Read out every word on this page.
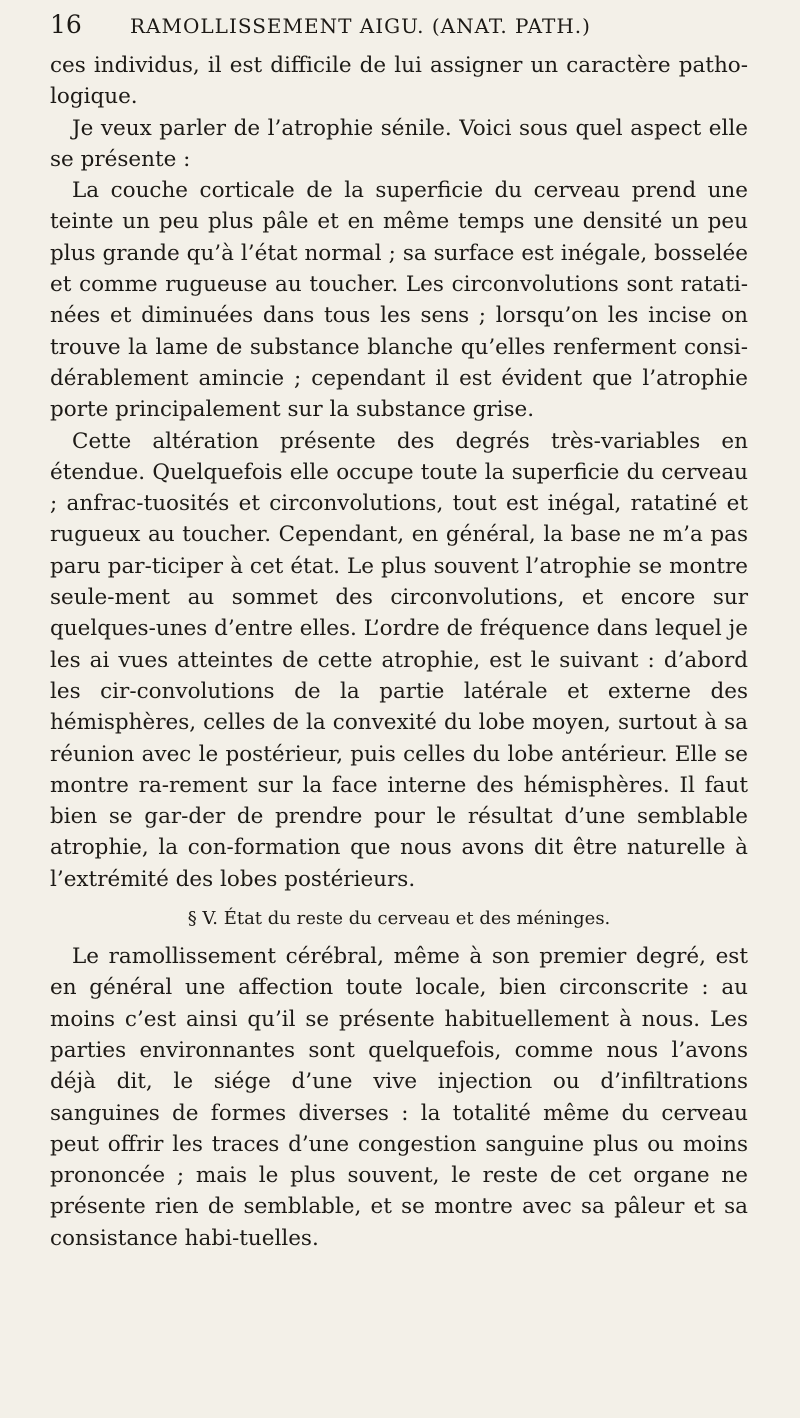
16 RAMOLLISSEMENT AIGU. (ANAT. PATH.)

ces individus, il est difficile de lui assigner un caractère patho-logique.

Je veux parler de l’atrophie sénile. Voici sous quel aspect elle se présente :

La couche corticale de la superficie du cerveau prend une teinte un peu plus pâle et en même temps une densité un peu plus grande qu’à l’état normal ; sa surface est inégale, bosselée et comme rugueuse au toucher. Les circonvolutions sont ratati-nées et diminuées dans tous les sens ; lorsqu’on les incise on trouve la lame de substance blanche qu’elles renferment consi-dérablement amincie ; cependant il est évident que l’atrophie porte principalement sur la substance grise.

Cette altération présente des degrés très-variables en étendue. Quelquefois elle occupe toute la superficie du cerveau ; anfrac-tuosités et circonvolutions, tout est inégal, ratatiné et rugueux au toucher. Cependant, en général, la base ne m’a pas paru par-ticiper à cet état. Le plus souvent l’atrophie se montre seule-ment au sommet des circonvolutions, et encore sur quelques-unes d’entre elles. L’ordre de fréquence dans lequel je les ai vues atteintes de cette atrophie, est le suivant : d’abord les cir-convolutions de la partie latérale et externe des hémisphères, celles de la convexité du lobe moyen, surtout à sa réunion avec le postérieur, puis celles du lobe antérieur. Elle se montre ra-rement sur la face interne des hémisphères. Il faut bien se gar-der de prendre pour le résultat d’une semblable atrophie, la con-formation que nous avons dit être naturelle à l’extrémité des lobes postérieurs.

§ V. État du reste du cerveau et des méninges.

Le ramollissement cérébral, même à son premier degré, est en général une affection toute locale, bien circonscrite : au moins c’est ainsi qu’il se présente habituellement à nous. Les parties environnantes sont quelquefois, comme nous l’avons déjà dit, le siége d’une vive injection ou d’infiltrations sanguines de formes diverses : la totalité même du cerveau peut offrir les traces d’une congestion sanguine plus ou moins prononcée ; mais le plus souvent, le reste de cet organe ne présente rien de semblable, et se montre avec sa pâleur et sa consistance habi-tuelles.
